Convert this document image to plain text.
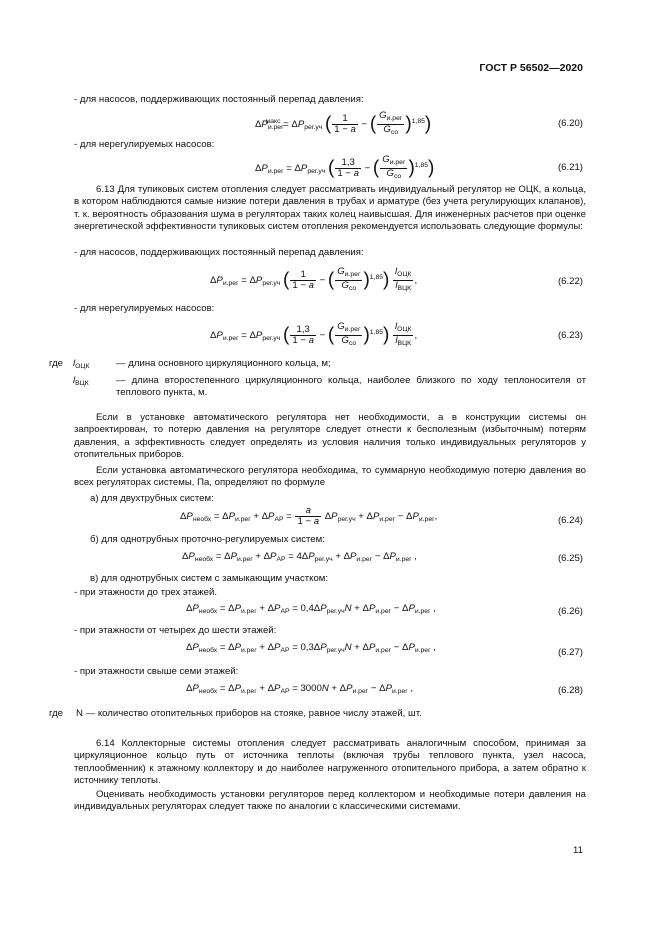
ГОСТ Р 56502—2020
- для насосов, поддерживающих постоянный перепад давления:
$\Delta P_{и.рег}^{макс} = \Delta P_{рег.уч}$ ( $\frac{1}{1 - a}$ − ( $\frac{G_{и.рег}}{G_{со}} )^{1,85}$)	(6.20)
- для нерегулируемых насосов:
$\Delta P_{и.рег} = \Delta P_{рег.уч}$ ( $\frac{1,3}{1 - a}$ − ( $\frac{G_{и.рег}}{G_{со}} )^{1,85}$)	(6.21)
6.13 Для тупиковых систем отопления следует рассматривать индивидуальный регулятор не ОЦК, а кольца, в котором наблюдаются самые низкие потери давления в трубах и арматуре (без учета регулирующих клапанов), т. к. вероятность образования шума в регуляторах таких колец наивысшая. Для инженерных расчетов при оценке энергетической эффективности тупиковых систем отопления рекомендуется использовать следующие формулы:
- для насосов, поддерживающих постоянный перепад давления:
$\Delta P_{и.рег} = \Delta P_{рег.уч}$ ( $\frac{1}{1 - a}$ − ( $\frac{G_{и.рег}}{G_{со}} )^{1,85}) \frac{l_{ОЦК}}{l_{ВЦК}}$ ,	(6.22)
- для нерегулируемых насосов:
$\Delta P_{и.рег} = \Delta P_{рег.уч}$ ( $\frac{1,3}{1 - a}$ − ( $\frac{G_{и.рег}}{G_{со}} )^{1,85}) \frac{l_{ОЦК}}{l_{ВЦК}}$ ,	(6.23)
где $l_{ОЦК}$	— длина основного циркуляционного кольца, м;
$l_{ВЦК}$	— длина второстепенного циркуляционного кольца, наиболее близкого по ходу теплоносителя от теплового пункта, м.
Если в установке автоматического регулятора нет необходимости, а в конструкции системы он запроектирован, то потерю давления на регуляторе следует отнести к бесполезным (избыточным) потерям давления, а эффективность следует определять из условия наличия только индивидуальных регуляторов у отопительных приборов.
Если установка автоматического регулятора необходима, то суммарную необходимую потерю давления во всех регуляторах системы, Па, определяют по формуле
а) для двухтрубных систем:
$\Delta P_{необх} = \Delta P_{и.рег} + \Delta P_{АР} = \frac{a}{1 - a} \Delta P_{рег.уч} + \Delta P_{и.рег} - \Delta P_{и.рег}$,	(6.24)
б) для однотрубных проточно-регулируемых систем:
$\Delta P_{необх} = \Delta P_{и.рег} + \Delta P_{АР} = 4\Delta P_{рег.уч} + \Delta P_{и.рег} - \Delta P_{и.рег}$ ,	(6.25)
в) для однотрубных систем с замыкающим участком:
- при этажности до трех этажей.
$\Delta P_{необх} = \Delta P_{и.рег} + \Delta P_{АР} = 0,4\Delta P_{рег.уч}N + \Delta P_{и.рег} - \Delta P_{и.рег}$ ,	(6.26)
- при этажности от четырех до шести этажей:
$\Delta P_{необх} = \Delta P_{и.рег} + \Delta P_{АР} = 0,3\Delta P_{рег.уч}N + \Delta P_{и.рег} - \Delta P_{и.рег}$ ,	(6.27)
- при этажности свыше семи этажей:
$\Delta P_{необх} = \Delta P_{и.рег} + \Delta P_{АР} = 3000N + \Delta P_{и.рег} - \Delta P_{и.рег}$ ,	(6.28)
где N — количество отопительных приборов на стояке, равное числу этажей, шт.
6.14 Коллекторные системы отопления следует рассматривать аналогичным способом, принимая за циркуляционное кольцо путь от источника теплоты (включая трубы теплового пункта, узел насоса, теплообменник) к этажному коллектору и до наиболее нагруженного отопительного прибора, а затем обратно к источнику теплоты.
Оценивать необходимость установки регуляторов перед коллектором и необходимые потери давления на индивидуальных регуляторах следует также по аналогии с классическими системами.
11
